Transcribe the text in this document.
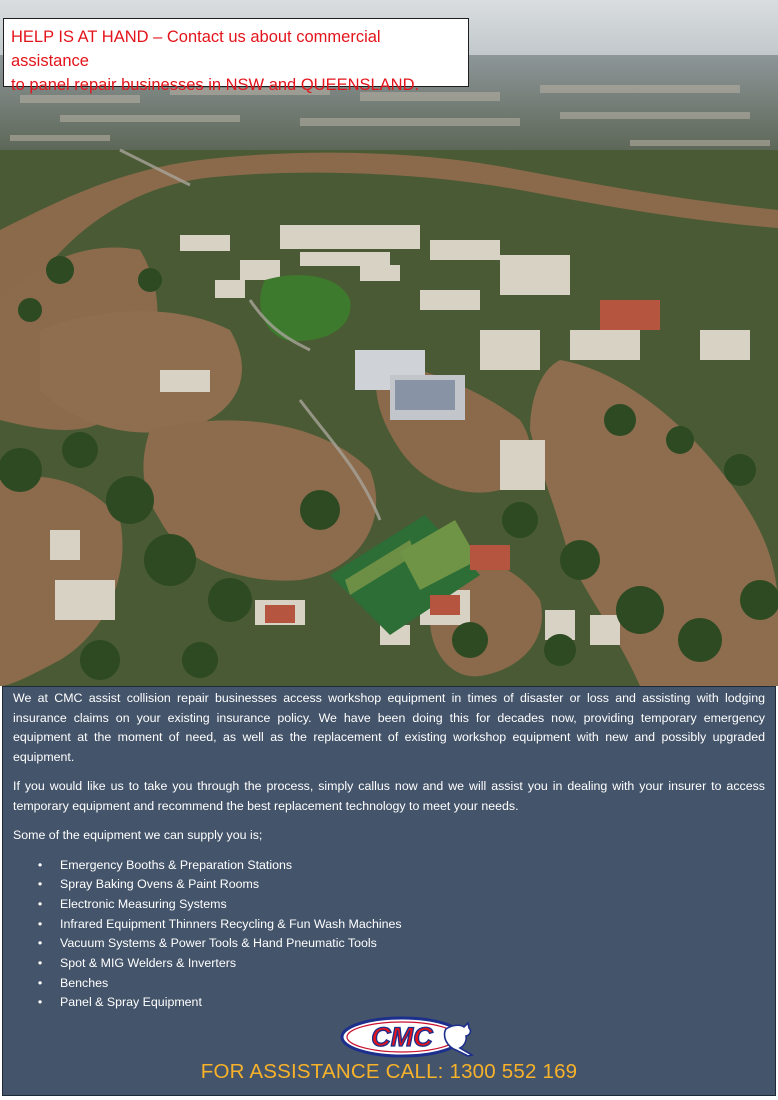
HELP IS AT HAND – Contact us about commercial assistance
to panel repair businesses in NSW and QUEENSLAND.

We at CMC assist collision repair businesses access workshop equipment in times of disaster or loss and assisting with lodging insurance claims on your existing insurance policy. We have been doing this for decades now, providing temporary emergency equipment at the moment of need, as well as the replacement of existing workshop equipment with new and possibly upgraded equipment.

If you would like us to take you through the process, simply callus now and we will assist you in dealing with your insurer to access temporary equipment and recommend the best replacement technology to meet your needs.

Some of the equipment we can supply you is;

• Emergency Booths & Preparation Stations
• Spray Baking Ovens & Paint Rooms
• Electronic Measuring Systems
• Infrared Equipment Thinners Recycling & Fun Wash Machines
• Vacuum Systems & Power Tools & Hand Pneumatic Tools
• Spot & MIG Welders & Inverters
• Benches
• Panel & Spray Equipment
CMC
FOR ASSISTANCE CALL: 1300 552 169
